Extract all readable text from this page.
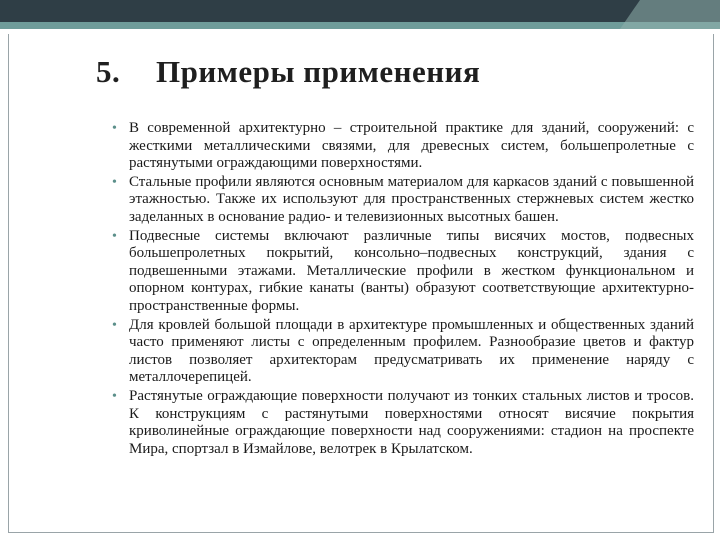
5. Примеры применения
• В современной архитектурно – строительной практике для зданий, сооружений: с жесткими металлическими связями, для древесных систем, большепролетные с растянутыми ограждающими поверхностями.
• Стальные профили являются основным материалом для каркасов зданий с повышенной этажностью. Также их используют для пространственных стержневых систем жестко заделанных в основание радио- и телевизионных высотных башен.
• Подвесные системы включают различные типы висячих мостов, подвесных большепролетных покрытий, консольно–подвесных конструкций, здания с подвешенными этажами. Металлические профили в жестком функциональном и опорном контурах, гибкие канаты (ванты) образуют соответствующие архитектурно-пространственные формы.
• Для кровлей большой площади в архитектуре промышленных и общественных зданий часто применяют листы с определенным профилем. Разнообразие цветов и фактур листов позволяет архитекторам предусматривать их применение наряду с металлочерепицей.
• Растянутые ограждающие поверхности получают из тонких стальных листов и тросов. К конструкциям с растянутыми поверхностями относят висячие покрытия криволинейные ограждающие поверхности над сооружениями: стадион на проспекте Мира, спортзал в Измайлове, велотрек в Крылатском.
